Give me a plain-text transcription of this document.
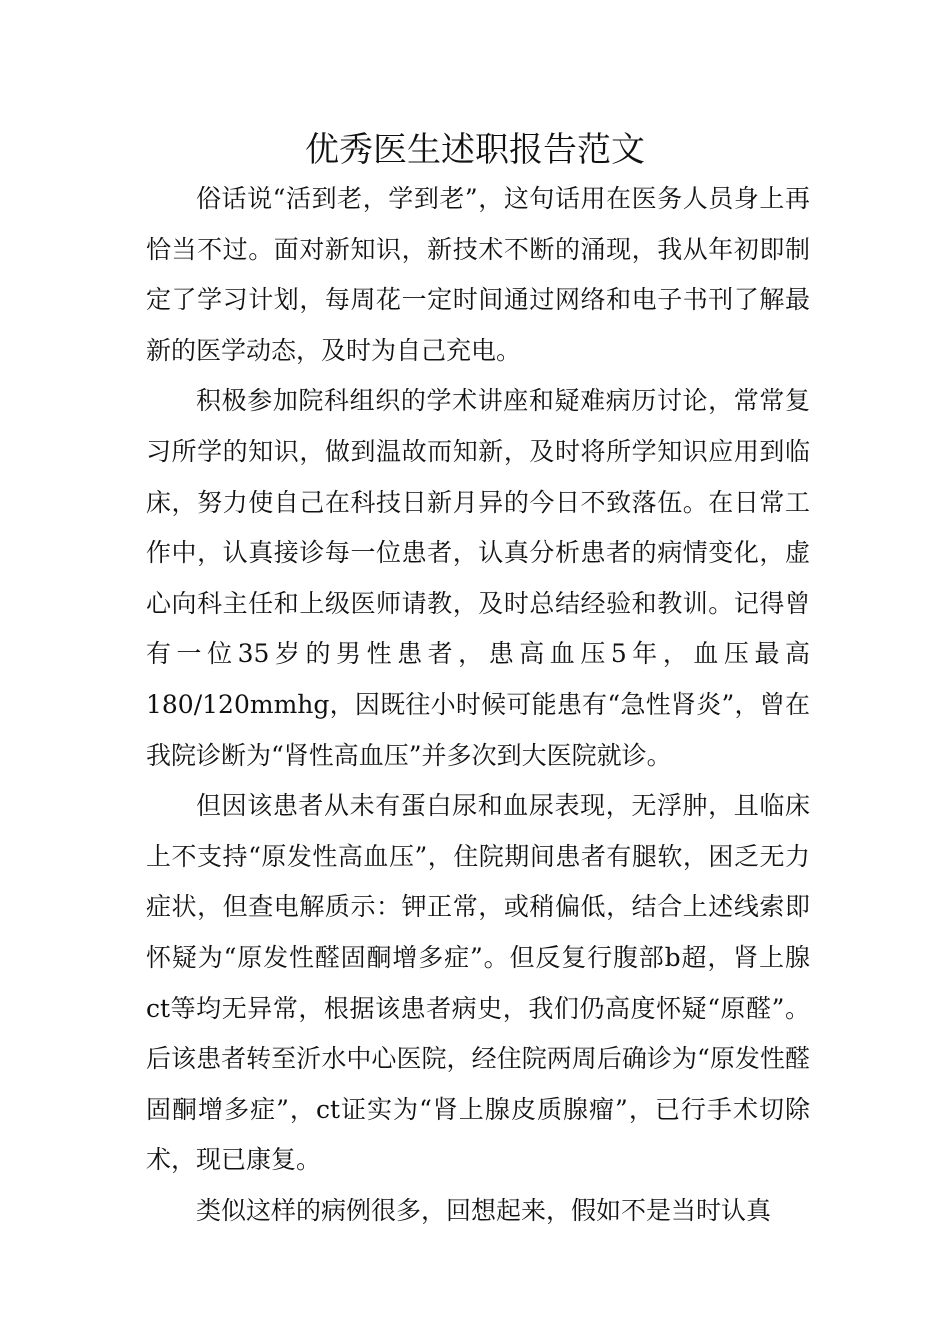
优秀医生述职报告范文

俗话说“活到老，学到老”，这句话用在医务人员身上再恰当不过。面对新知识，新技术不断的涌现，我从年初即制定了学习计划，每周花一定时间通过网络和电子书刊了解最新的医学动态，及时为自己充电。

积极参加院科组织的学术讲座和疑难病历讨论，常常复习所学的知识，做到温故而知新，及时将所学知识应用到临床，努力使自己在科技日新月异的今日不致落伍。在日常工作中，认真接诊每一位患者，认真分析患者的病情变化，虚心向科主任和上级医师请教，及时总结经验和教训。记得曾有一位35岁的男性患者，患高血压5年，血压最高180/120mmhg，因既往小时候可能患有“急性肾炎”，曾在我院诊断为“肾性高血压”并多次到大医院就诊。

但因该患者从未有蛋白尿和血尿表现，无浮肿，且临床上不支持“原发性高血压”，住院期间患者有腿软，困乏无力症状，但查电解质示：钾正常，或稍偏低，结合上述线索即怀疑为“原发性醛固酮增多症”。但反复行腹部b超，肾上腺ct等均无异常，根据该患者病史，我们仍高度怀疑“原醛”。后该患者转至沂水中心医院，经住院两周后确诊为“原发性醛固酮增多症”，ct证实为“肾上腺皮质腺瘤”，已行手术切除术，现已康复。

类似这样的病例很多，回想起来，假如不是当时认真
